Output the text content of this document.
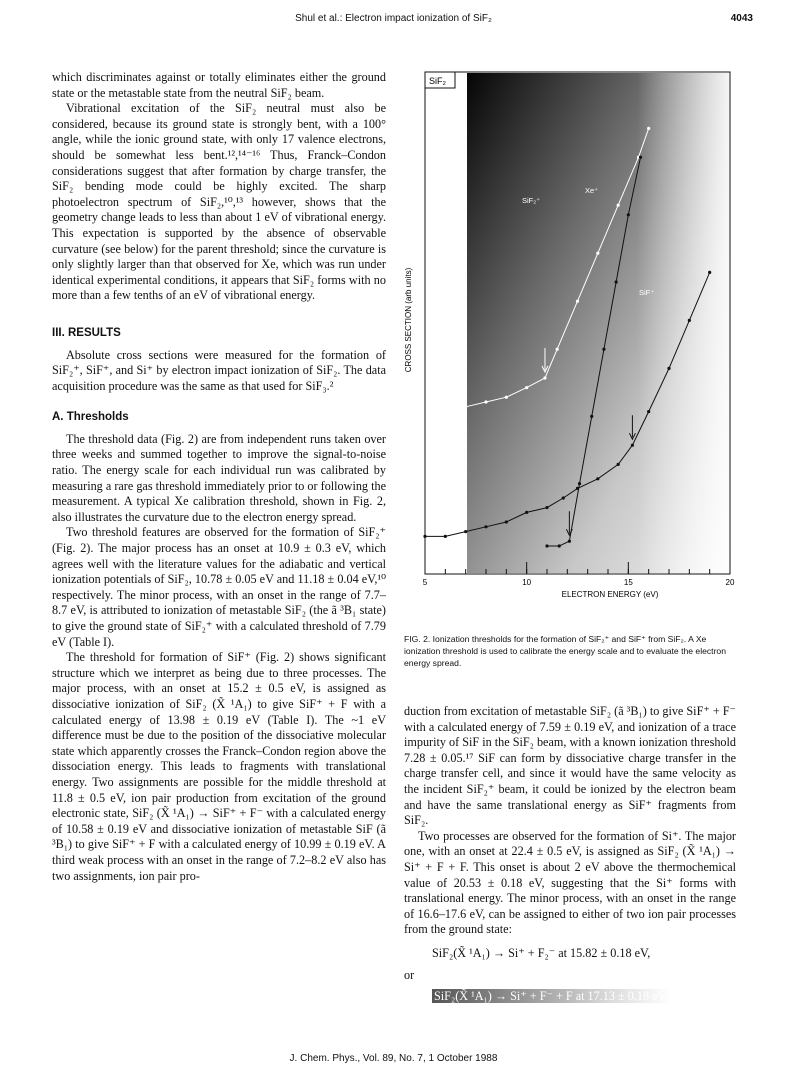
Shul et al.: Electron impact ionization of SiF₂	4043

which discriminates against or totally eliminates either the ground state or the metastable state from the neutral SiF₂ beam.

Vibrational excitation of the SiF₂ neutral must also be considered, because its ground state is strongly bent, with a 100° angle, while the ionic ground state, with only 17 valence electrons, should be somewhat less bent.¹²,¹⁴⁻¹⁶ Thus, Franck–Condon considerations suggest that after formation by charge transfer, the SiF₂ bending mode could be highly excited. The sharp photoelectron spectrum of SiF₂,¹⁰,¹³ however, shows that the geometry change leads to less than about 1 eV of vibrational energy. This expectation is supported by the absence of observable curvature (see below) for the parent threshold; since the curvature is only slightly larger than that observed for Xe, which was run under identical experimental conditions, it appears that SiF₂ forms with no more than a few tenths of an eV of vibrational energy.

III. RESULTS

Absolute cross sections were measured for the formation of SiF₂⁺, SiF⁺, and Si⁺ by electron impact ionization of SiF₂. The data acquisition procedure was the same as that used for SiF₃.²

A. Thresholds

The threshold data (Fig. 2) are from independent runs taken over three weeks and summed together to improve the signal-to-noise ratio. The energy scale for each individual run was calibrated by measuring a rare gas threshold immediately prior to or following the measurement. A typical Xe calibration threshold, shown in Fig. 2, also illustrates the curvature due to the electron energy spread.

Two threshold features are observed for the formation of SiF₂⁺ (Fig. 2). The major process has an onset at 10.9 ± 0.3 eV, which agrees well with the literature values for the adiabatic and vertical ionization potentials of SiF₂, 10.78 ± 0.05 eV and 11.18 ± 0.04 eV,¹⁰ respectively. The minor process, with an onset in the range of 7.7–8.7 eV, is attributed to ionization of metastable SiF₂ (the ã ³B₁ state) to give the ground state of SiF₂⁺ with a calculated threshold of 7.79 eV (Table I).

The threshold for formation of SiF⁺ (Fig. 2) shows significant structure which we interpret as being due to three processes. The major process, with an onset at 15.2 ± 0.5 eV, is assigned as dissociative ionization of SiF₂ (X̃ ¹A₁) to give SiF⁺ + F with a calculated energy of 13.98 ± 0.19 eV (Table I). The ~1 eV difference must be due to the position of the dissociative molecular state which apparently crosses the Franck–Condon region above the dissociation energy. This leads to fragments with translational energy. Two assignments are possible for the middle threshold at 11.8 ± 0.5 eV, ion pair production from excitation of the ground electronic state, SiF₂ (X̃ ¹A₁) → SiF⁺ + F⁻ with a calculated energy of 10.58 ± 0.19 eV and dissociative ionization of metastable SiF (ã ³B₁) to give SiF⁺ + F with a calculated energy of 10.99 ± 0.19 eV. A third weak process with an onset in the range of 7.2–8.2 eV also has two assignments, ion pair pro-

SiF₂
5	10	15	20
ELECTRON ENERGY (eV)
CROSS SECTION (arb units)
SiF₂⁺
Xe⁺
SiF⁺
FIG. 2. Ionization thresholds for the formation of SiF₂⁺ and SiF⁺ from SiF₂. A Xe ionization threshold is used to calibrate the energy scale and to evaluate the electron energy spread.

duction from excitation of metastable SiF₂ (ã ³B₁) to give SiF⁺ + F⁻ with a calculated energy of 7.59 ± 0.19 eV, and ionization of a trace impurity of SiF in the SiF₂ beam, with a known ionization threshold 7.28 ± 0.05.¹⁷ SiF can form by dissociative charge transfer in the charge transfer cell, and since it would have the same velocity as the incident SiF₂⁺ beam, it could be ionized by the electron beam and have the same translational energy as SiF⁺ fragments from SiF₂.

Two processes are observed for the formation of Si⁺. The major one, with an onset at 22.4 ± 0.5 eV, is assigned as SiF₂ (X̃ ¹A₁) → Si⁺ + F + F. This onset is about 2 eV above the thermochemical value of 20.53 ± 0.18 eV, suggesting that the Si⁺ forms with translational energy. The minor process, with an onset in the range of 16.6–17.6 eV, can be assigned to either of two ion pair processes from the ground state:

SiF₂(X̃ ¹A₁) → Si⁺ + F₂⁻ at 15.82 ± 0.18 eV,

or

SiF₂(X̃ ¹A₁) → Si⁺ + F⁻ + F at 17.13 ± 0.18 eV;

J. Chem. Phys., Vol. 89, No. 7, 1 October 1988
